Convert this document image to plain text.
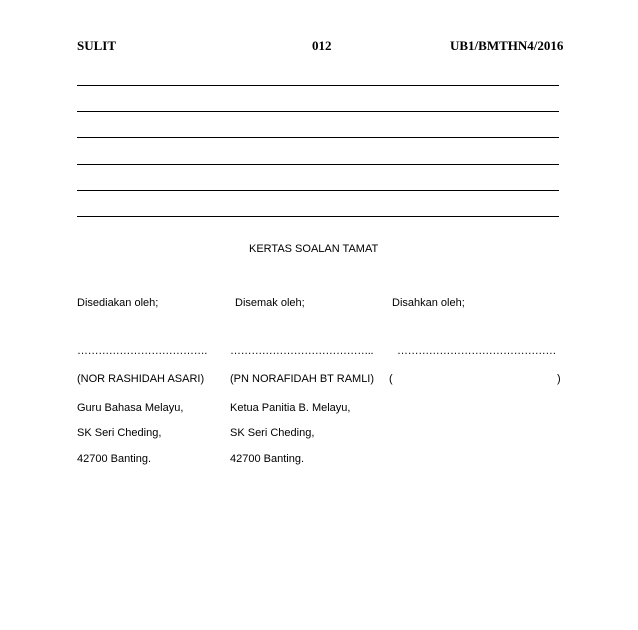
SULIT	012	UB1/BMTHN4/2016
KERTAS SOALAN TAMAT
Disediakan oleh;	Disemak oleh;	Disahkan oleh;
………………………………. ………………………………….. ………………………………………
(NOR RASHIDAH ASARI) (PN NORAFIDAH BT RAMLI) (	)
Guru Bahasa Melayu,	Ketua Panitia B. Melayu,
SK Seri Cheding,	SK Seri Cheding,
42700 Banting.	42700 Banting.
